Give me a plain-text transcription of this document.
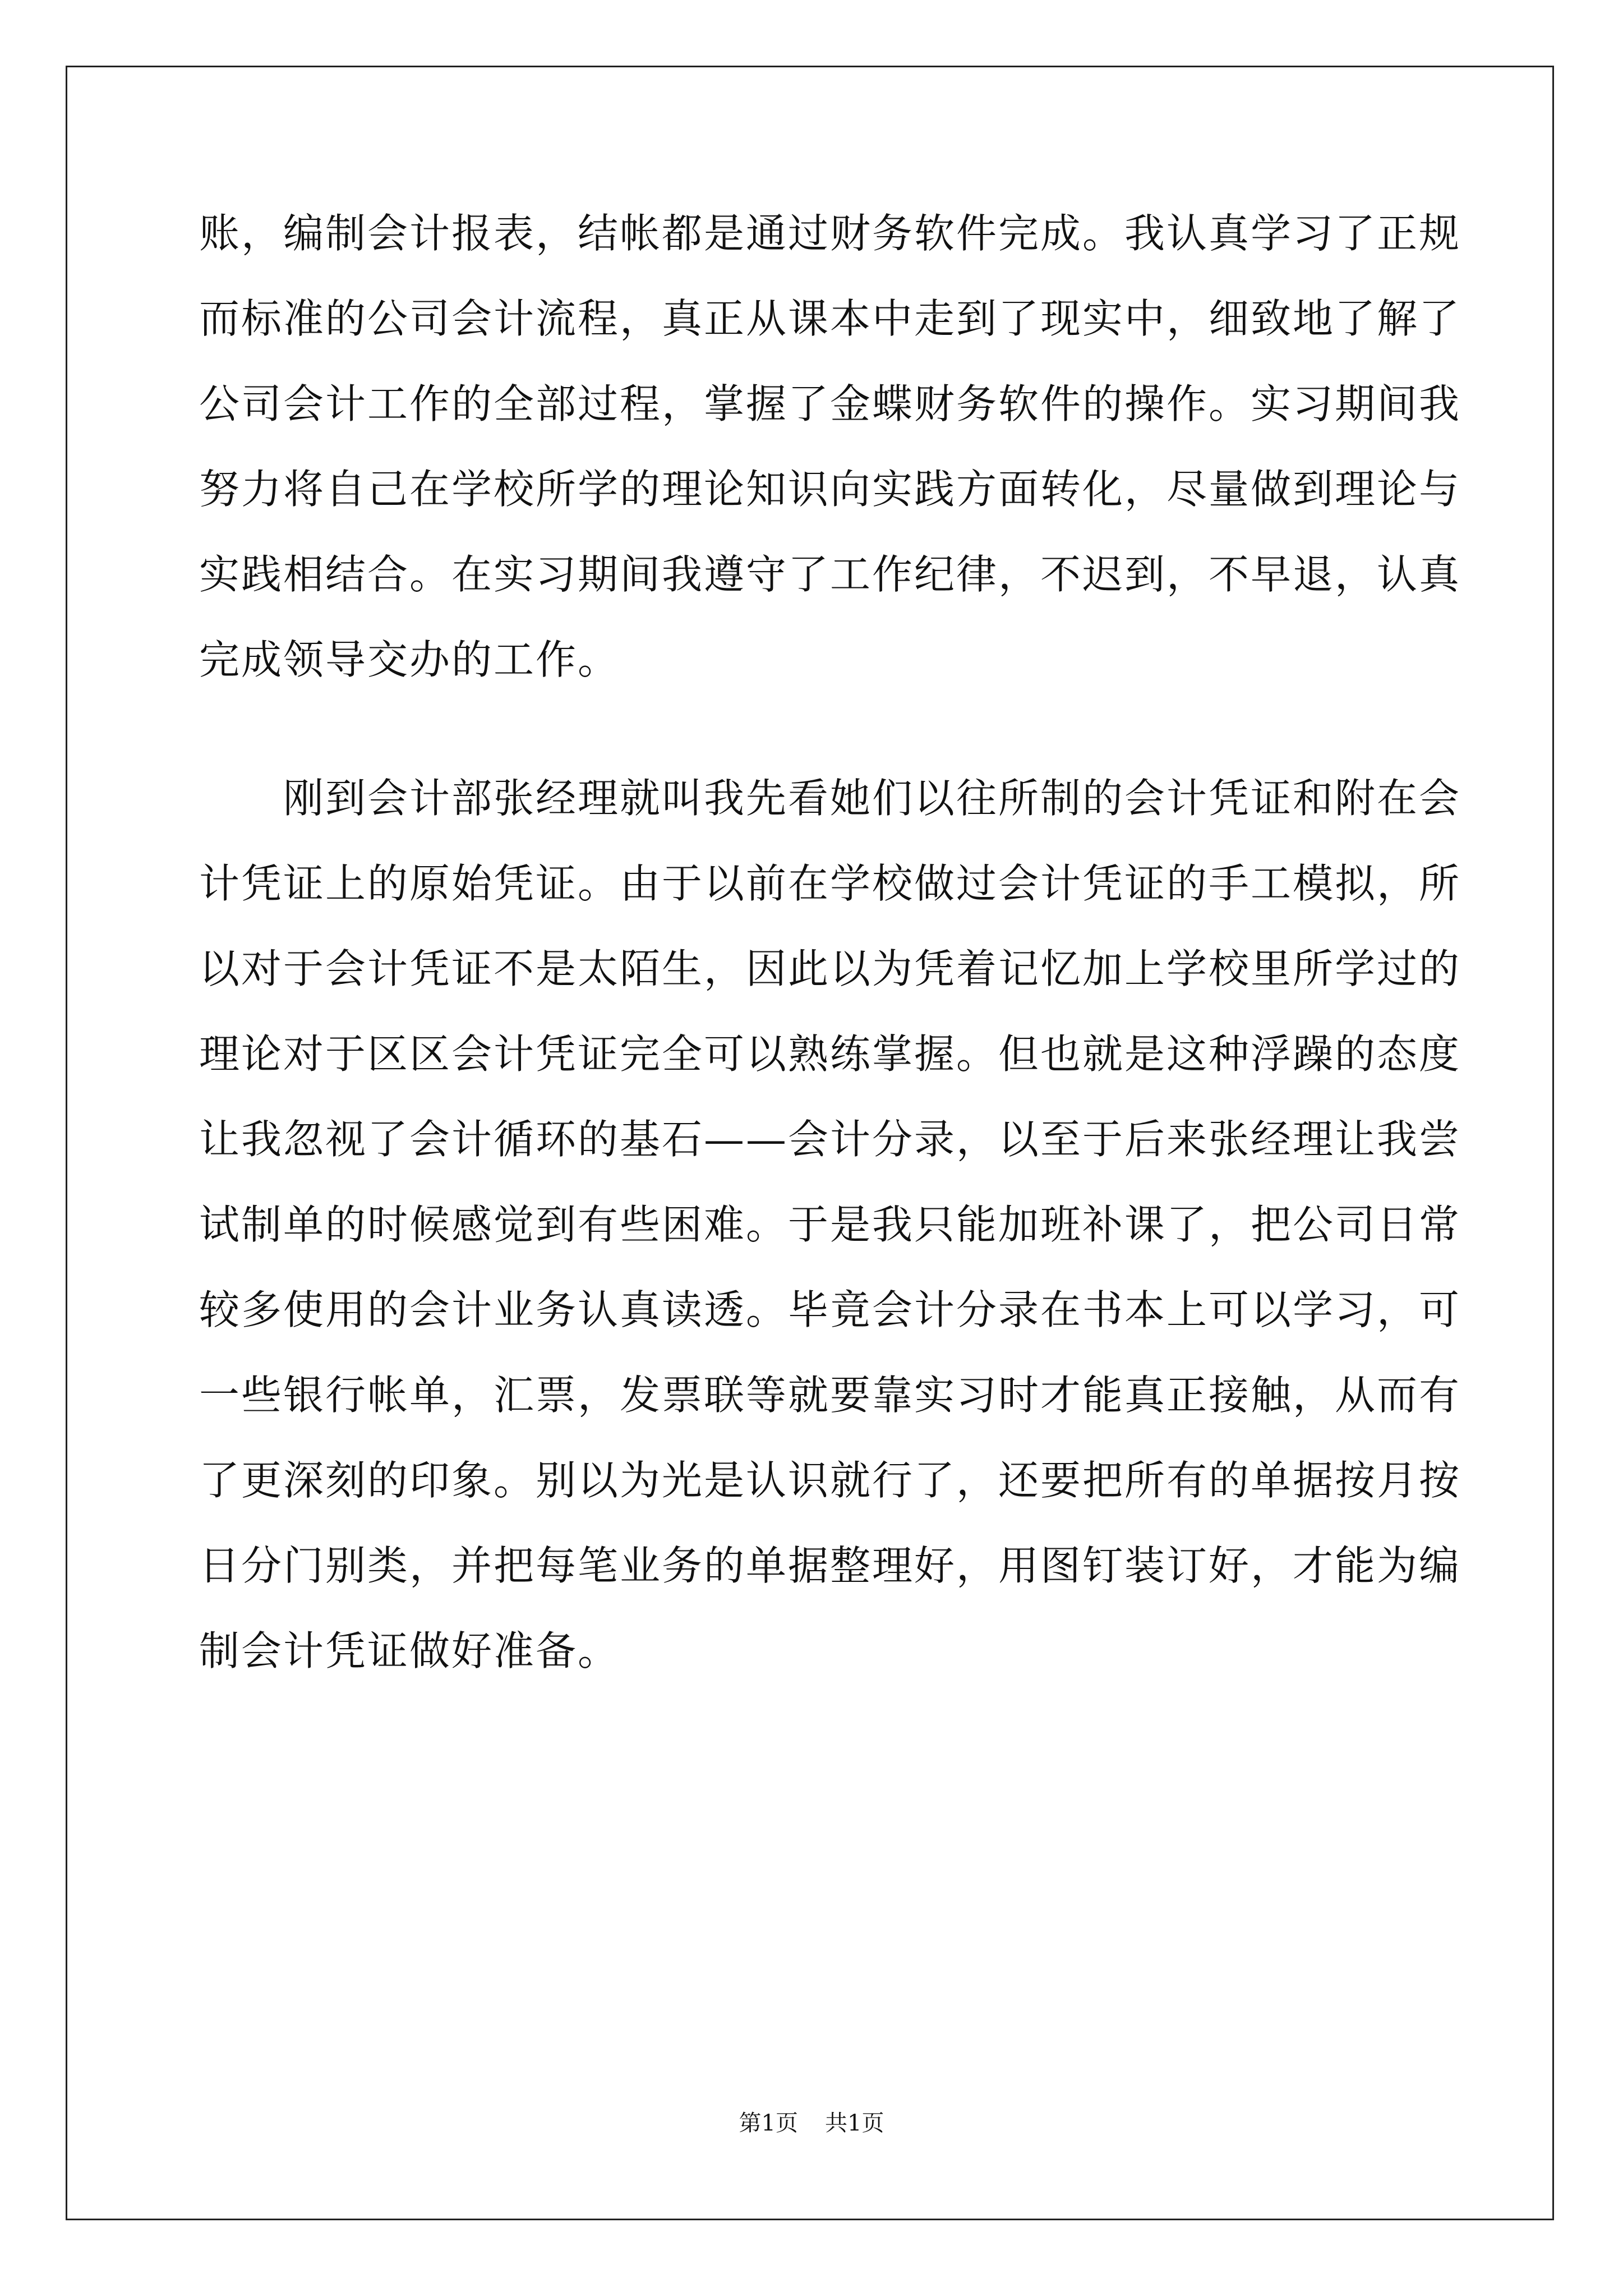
账，编制会计报表，结帐都是通过财务软件完成。我认真学习了正规
而标准的公司会计流程，真正从课本中走到了现实中，细致地了解了
公司会计工作的全部过程，掌握了金蝶财务软件的操作。实习期间我
努力将自己在学校所学的理论知识向实践方面转化，尽量做到理论与
实践相结合。在实习期间我遵守了工作纪律，不迟到，不早退，认真
完成领导交办的工作。
　　刚到会计部张经理就叫我先看她们以往所制的会计凭证和附在会
计凭证上的原始凭证。由于以前在学校做过会计凭证的手工模拟，所
以对于会计凭证不是太陌生，因此以为凭着记忆加上学校里所学过的
理论对于区区会计凭证完全可以熟练掌握。但也就是这种浮躁的态度
让我忽视了会计循环的基石——会计分录，以至于后来张经理让我尝
试制单的时候感觉到有些困难。于是我只能加班补课了，把公司日常
较多使用的会计业务认真读透。毕竟会计分录在书本上可以学习，可
一些银行帐单，汇票，发票联等就要靠实习时才能真正接触，从而有
了更深刻的印象。别以为光是认识就行了，还要把所有的单据按月按
日分门别类，并把每笔业务的单据整理好，用图钉装订好，才能为编
制会计凭证做好准备。
第1页 共1页
